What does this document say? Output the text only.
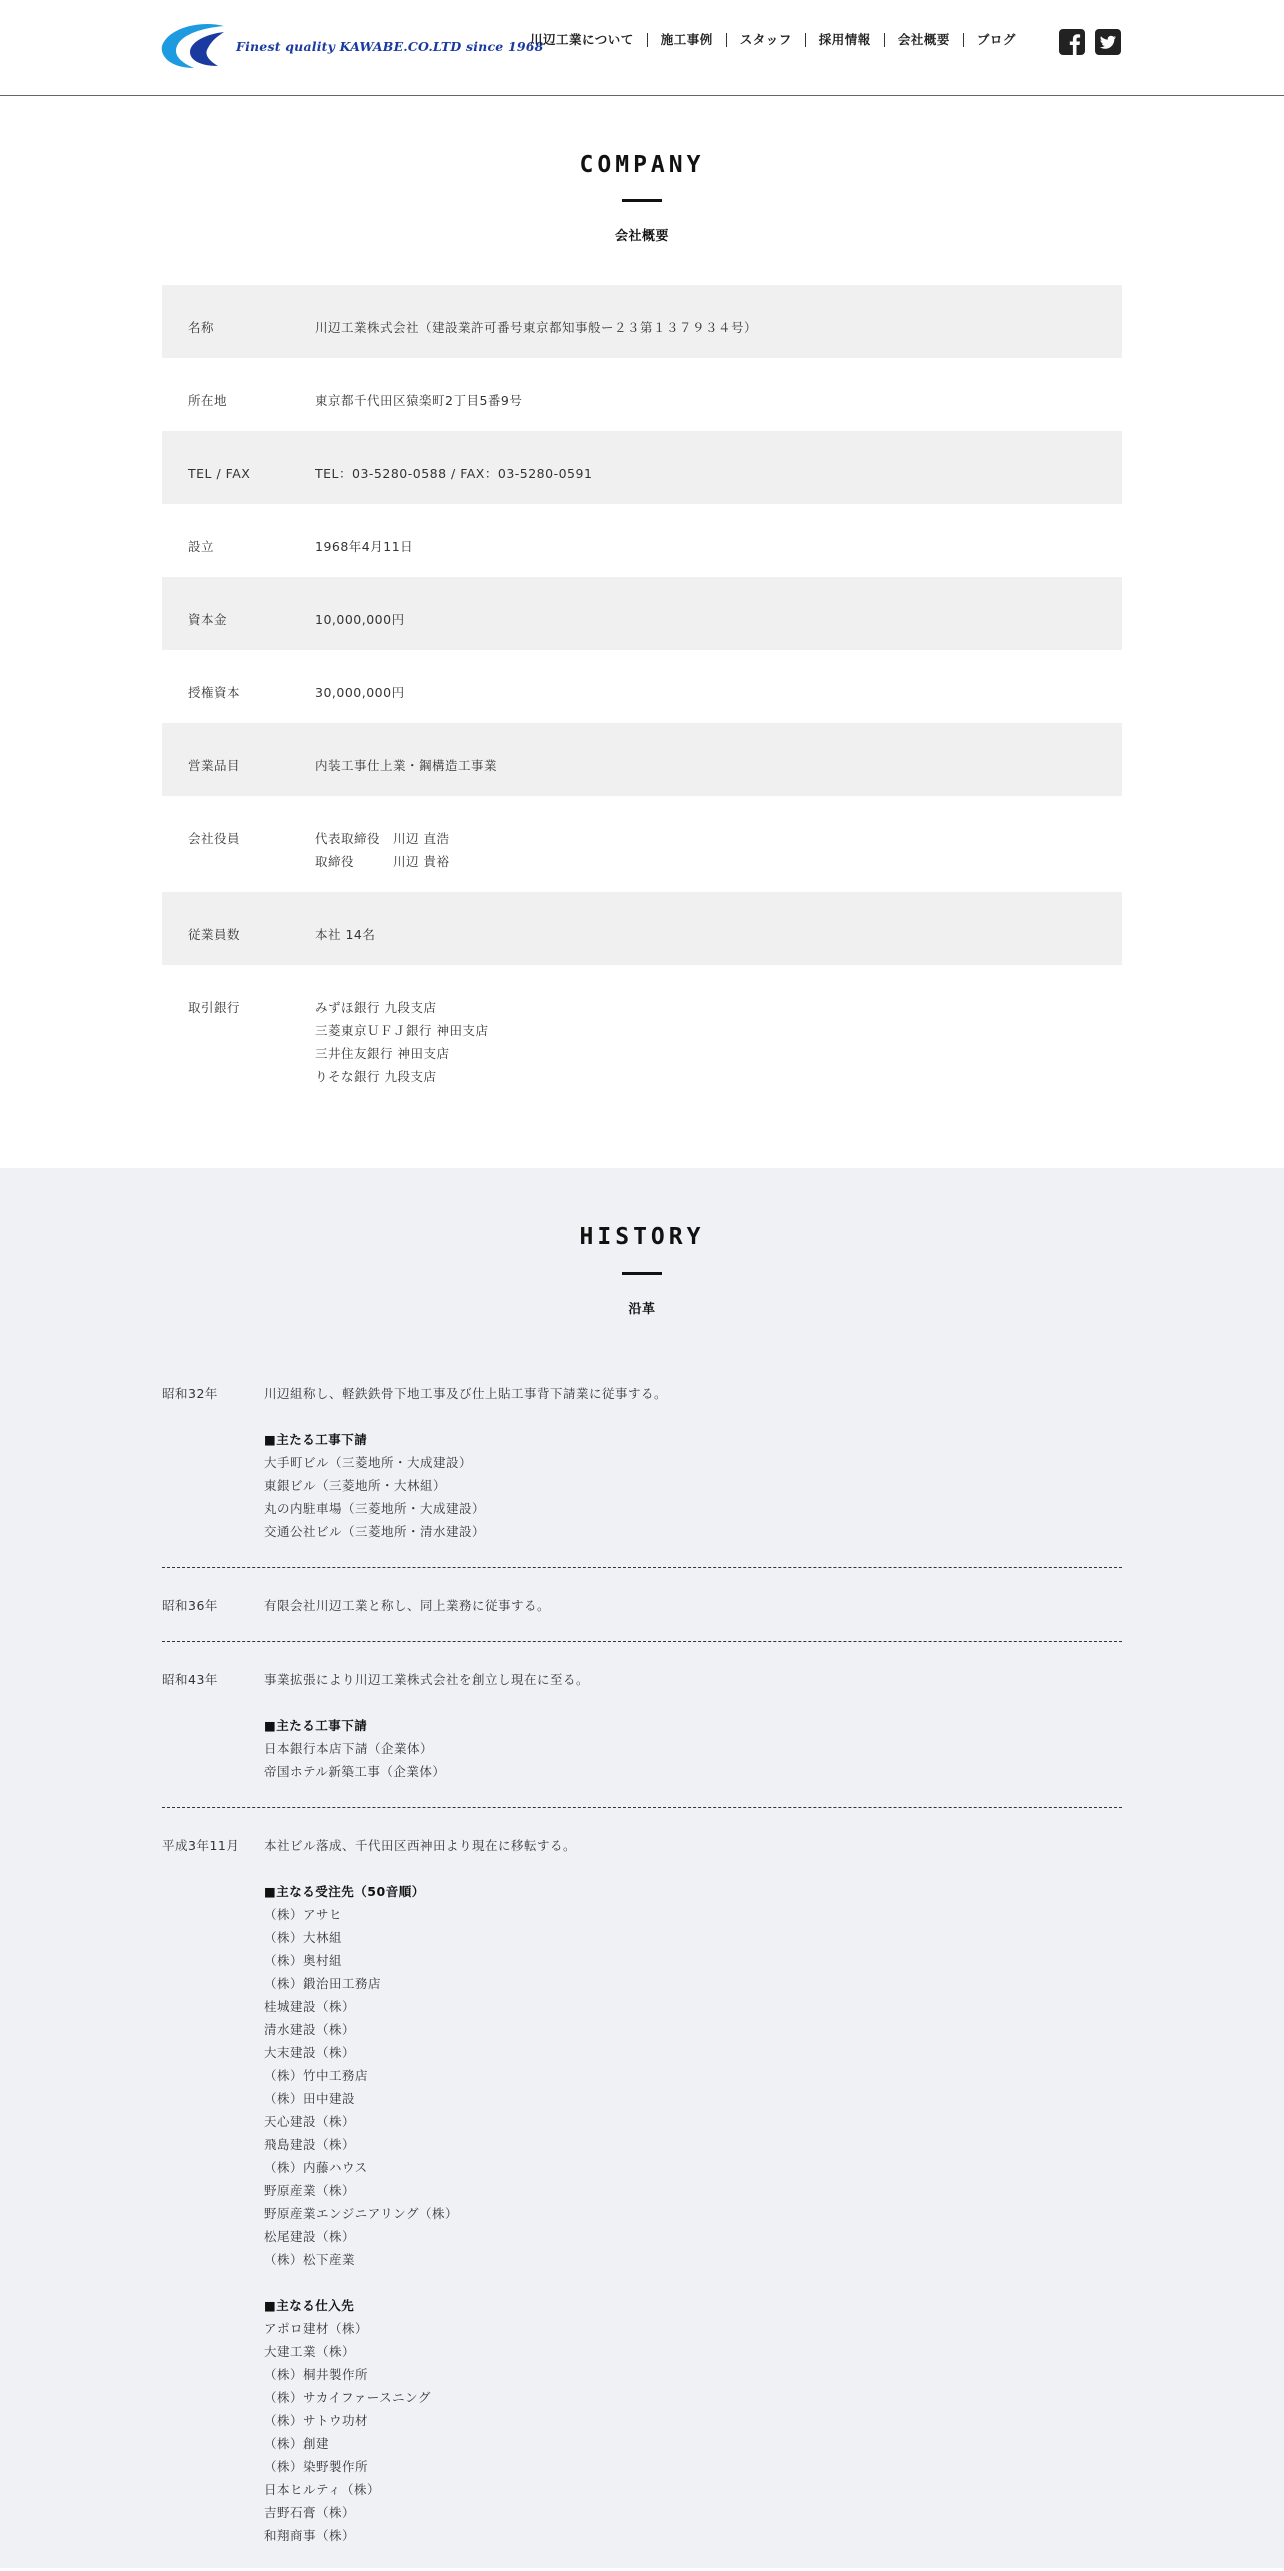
Finest quality KAWABE.CO.LTD since 1968
川辺工業について	施工事例	スタッフ	採用情報	会社概要	ブログ
COMPANY
会社概要
名称	川辺工業株式会社（建設業許可番号東京都知事般ー２３第１３７９３４号）
所在地	東京都千代田区猿楽町2丁目5番9号
TEL / FAX	TEL：03-5280-0588 / FAX：03-5280-0591
設立	1968年4月11日
資本金	10,000,000円
授権資本	30,000,000円
営業品目	内装工事仕上業・鋼構造工事業
会社役員	代表取締役　川辺 直浩
取締役　　　川辺 貴裕
従業員数	本社 14名
取引銀行	みずほ銀行 九段支店
三菱東京ＵＦＪ銀行 神田支店
三井住友銀行 神田支店
りそな銀行 九段支店
HISTORY
沿革
昭和32年	川辺組称し、軽鉄鉄骨下地工事及び仕上貼工事背下請業に従事する。
■主たる工事下請
大手町ビル（三菱地所・大成建設）
東銀ビル（三菱地所・大林組）
丸の内駐車場（三菱地所・大成建設）
交通公社ビル（三菱地所・清水建設）
昭和36年	有限会社川辺工業と称し、同上業務に従事する。
昭和43年	事業拡張により川辺工業株式会社を創立し現在に至る。
■主たる工事下請
日本銀行本店下請（企業体）
帝国ホテル新築工事（企業体）
平成3年11月	本社ビル落成、千代田区西神田より現在に移転する。
■主なる受注先（50音順）
（株）アサヒ
（株）大林組
（株）奥村組
（株）鍛治田工務店
桂城建設（株）
清水建設（株）
大末建設（株）
（株）竹中工務店
（株）田中建設
天心建設（株）
飛島建設（株）
（株）内藤ハウス
野原産業（株）
野原産業エンジニアリング（株）
松尾建設（株）
（株）松下産業
■主なる仕入先
アポロ建材（株）
大建工業（株）
（株）桐井製作所
（株）サカイファースニング
（株）サトウ功材
（株）創建
（株）染野製作所
日本ヒルティ（株）
吉野石膏（株）
和翔商事（株）
